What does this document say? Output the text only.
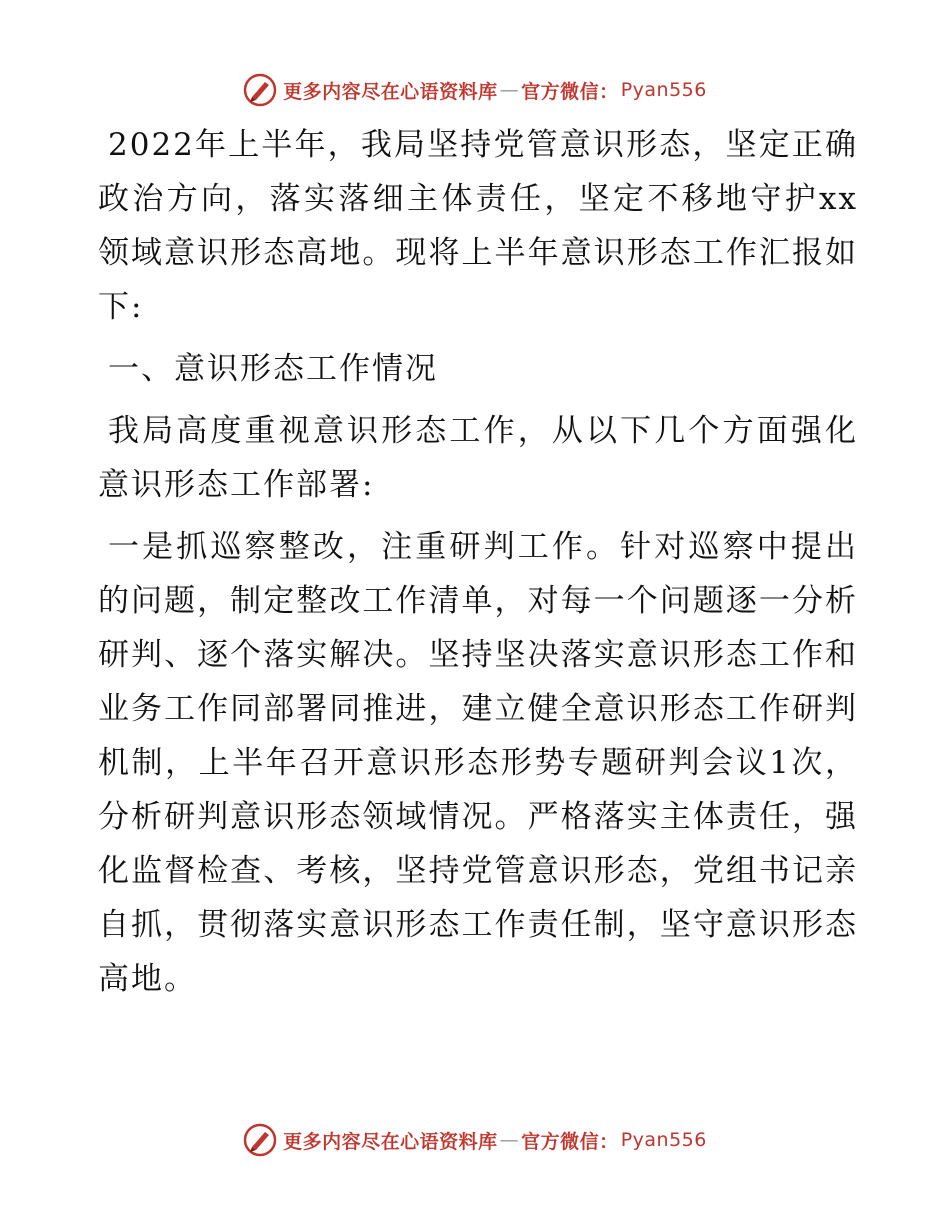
更多内容尽在心语资料库 — 官方微信： Pyan556

2022年上半年，我局坚持党管意识形态，坚定正确政治方向，落实落细主体责任，坚定不移地守护xx领域意识形态高地。现将上半年意识形态工作汇报如下:

一、意识形态工作情况

我局高度重视意识形态工作，从以下几个方面强化意识形态工作部署:

一是抓巡察整改，注重研判工作。针对巡察中提出的问题，制定整改工作清单，对每一个问题逐一分析研判、逐个落实解决。坚持坚决落实意识形态工作和业务工作同部署同推进，建立健全意识形态工作研判机制，上半年召开意识形态形势专题研判会议1次，分析研判意识形态领域情况。严格落实主体责任，强化监督检查、考核，坚持党管意识形态，党组书记亲自抓，贯彻落实意识形态工作责任制，坚守意识形态高地。

更多内容尽在心语资料库 — 官方微信： Pyan556
